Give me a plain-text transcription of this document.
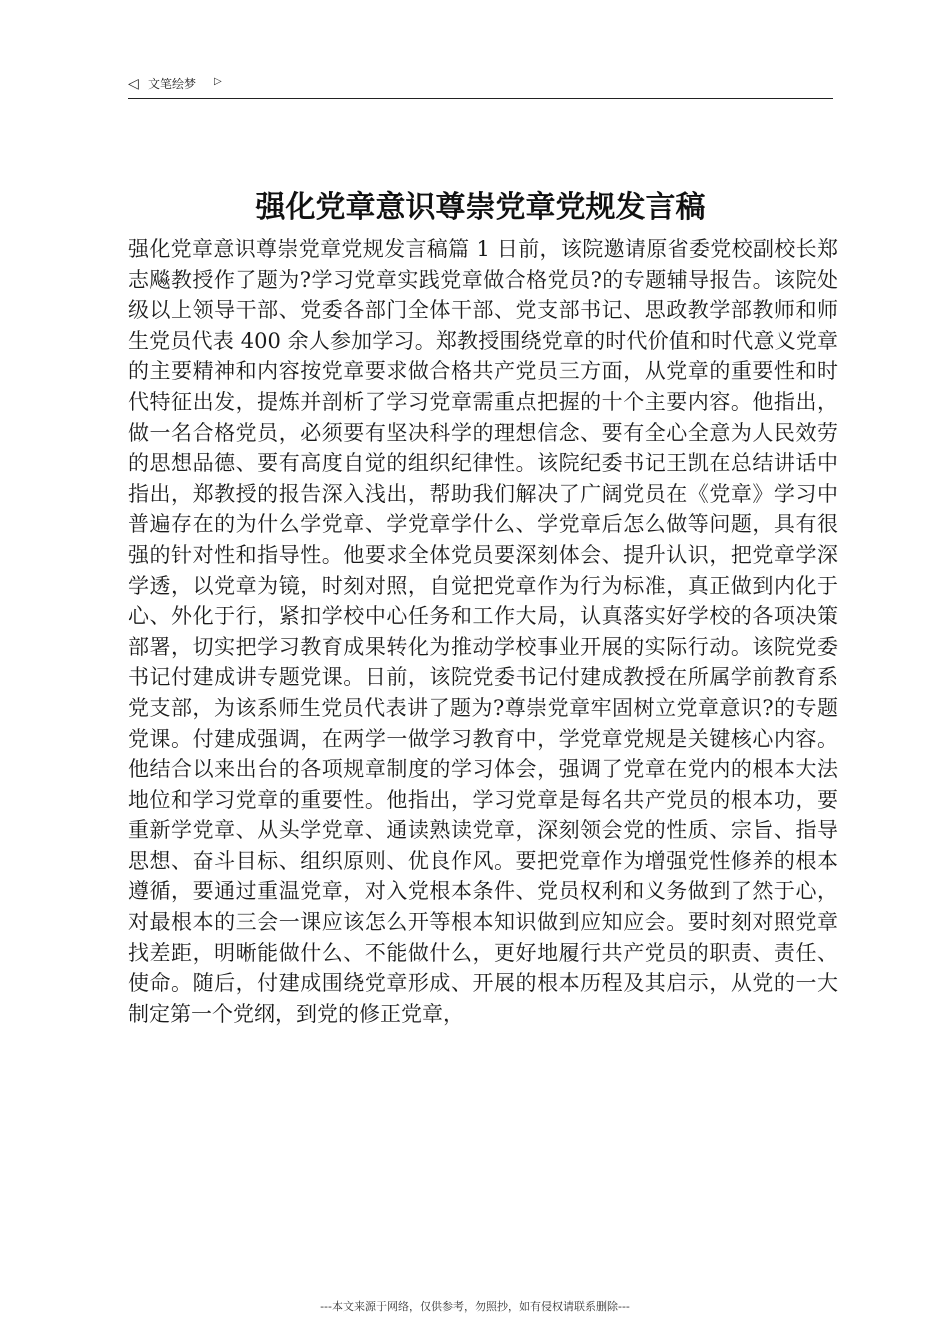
◁ 文笔绘梦 ▷
强化党章意识尊崇党章党规发言稿

强化党章意识尊崇党章党规发言稿篇 1 日前，该院邀请原省委党校副校长郑志飚教授作了题为?学习党章实践党章做合格党员?的专题辅导报告。该院处级以上领导干部、党委各部门全体干部、党支部书记、思政教学部教师和师生党员代表 400 余人参加学习。郑教授围绕党章的时代价值和时代意义党章的主要精神和内容按党章要求做合格共产党员三方面，从党章的重要性和时代特征出发，提炼并剖析了学习党章需重点把握的十个主要内容。他指出，做一名合格党员，必须要有坚决科学的理想信念、要有全心全意为人民效劳的思想品德、要有高度自觉的组织纪律性。该院纪委书记王凯在总结讲话中指出，郑教授的报告深入浅出，帮助我们解决了广阔党员在《党章》学习中普遍存在的为什么学党章、学党章学什么、学党章后怎么做等问题，具有很强的针对性和指导性。他要求全体党员要深刻体会、提升认识，把党章学深学透，以党章为镜，时刻对照，自觉把党章作为行为标准，真正做到内化于心、外化于行，紧扣学校中心任务和工作大局，认真落实好学校的各项决策部署，切实把学习教育成果转化为推动学校事业开展的实际行动。该院党委书记付建成讲专题党课。日前，该院党委书记付建成教授在所属学前教育系党支部，为该系师生党员代表讲了题为?尊崇党章牢固树立党章意识?的专题党课。付建成强调，在两学一做学习教育中，学党章党规是关键核心内容。他结合以来出台的各项规章制度的学习体会，强调了党章在党内的根本大法地位和学习党章的重要性。他指出，学习党章是每名共产党员的根本功，要重新学党章、从头学党章、通读熟读党章，深刻领会党的性质、宗旨、指导思想、奋斗目标、组织原则、优良作风。要把党章作为增强党性修养的根本遵循，要通过重温党章，对入党根本条件、党员权利和义务做到了然于心，对最根本的三会一课应该怎么开等根本知识做到应知应会。要时刻对照党章找差距，明晰能做什么、不能做什么，更好地履行共产党员的职责、责任、使命。随后，付建成围绕党章形成、开展的根本历程及其启示，从党的一大制定第一个党纲，到党的修正党章，

---本文来源于网络，仅供参考，勿照抄，如有侵权请联系删除---
